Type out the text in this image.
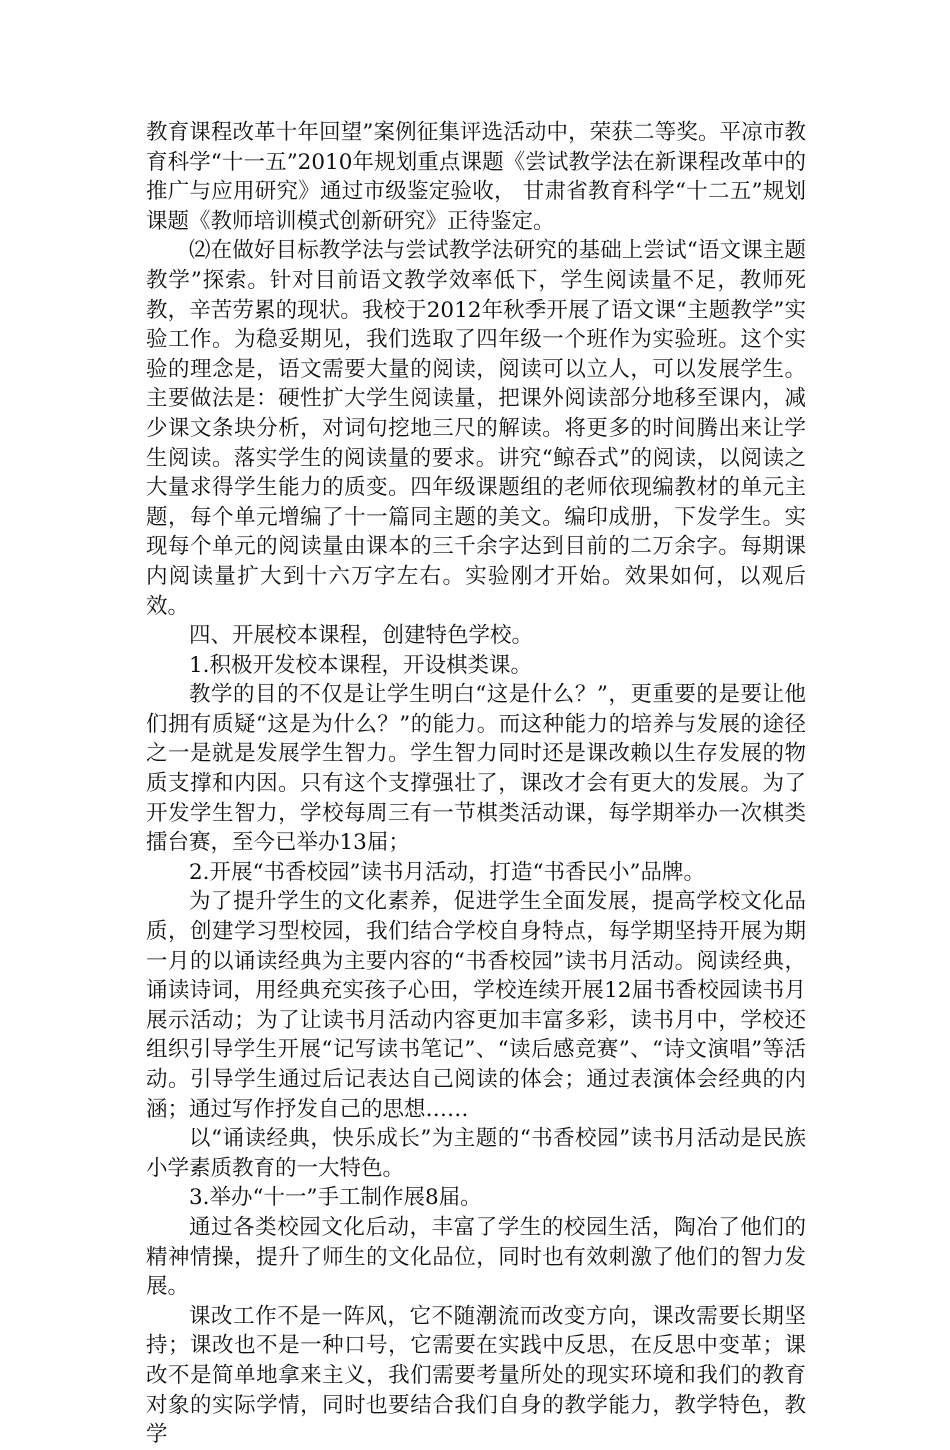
教育课程改革十年回望”案例征集评选活动中，荣获二等奖。平凉市教育科学“十一五”2010年规划重点课题《尝试教学法在新课程改革中的推广与应用研究》通过市级鉴定验收， 甘肃省教育科学“十二五”规划课题《教师培训模式创新研究》正待鉴定。

⑵在做好目标教学法与尝试教学法研究的基础上尝试“语文课主题教学”探索。针对目前语文教学效率低下，学生阅读量不足，教师死教，辛苦劳累的现状。我校于2012年秋季开展了语文课“主题教学”实验工作。为稳妥期见，我们选取了四年级一个班作为实验班。这个实验的理念是，语文需要大量的阅读，阅读可以立人，可以发展学生。主要做法是：硬性扩大学生阅读量，把课外阅读部分地移至课内，减少课文条块分析，对词句挖地三尺的解读。将更多的时间腾出来让学生阅读。落实学生的阅读量的要求。讲究“鲸吞式”的阅读，以阅读之大量求得学生能力的质变。四年级课题组的老师依现编教材的单元主题，每个单元增编了十一篇同主题的美文。编印成册，下发学生。实现每个单元的阅读量由课本的三千余字达到目前的二万余字。每期课内阅读量扩大到十六万字左右。实验刚才开始。效果如何，以观后效。

四、开展校本课程，创建特色学校。

1.积极开发校本课程，开设棋类课。

教学的目的不仅是让学生明白“这是什么？”，更重要的是要让他们拥有质疑“这是为什么？”的能力。而这种能力的培养与发展的途径之一是就是发展学生智力。学生智力同时还是课改赖以生存发展的物质支撑和内因。只有这个支撑强壮了，课改才会有更大的发展。为了开发学生智力，学校每周三有一节棋类活动课，每学期举办一次棋类擂台赛，至今已举办13届；

2.开展“书香校园”读书月活动，打造“书香民小”品牌。

为了提升学生的文化素养，促进学生全面发展，提高学校文化品质，创建学习型校园，我们结合学校自身特点，每学期坚持开展为期一月的以诵读经典为主要内容的“书香校园”读书月活动。阅读经典，诵读诗词，用经典充实孩子心田，学校连续开展12届书香校园读书月展示活动；为了让读书月活动内容更加丰富多彩，读书月中，学校还组织引导学生开展“记写读书笔记”、“读后感竞赛”、“诗文演唱”等活动。引导学生通过后记表达自己阅读的体会；通过表演体会经典的内涵；通过写作抒发自己的思想……

以“诵读经典，快乐成长”为主题的“书香校园”读书月活动是民族小学素质教育的一大特色。

3.举办“十一”手工制作展8届。

通过各类校园文化后动，丰富了学生的校园生活，陶冶了他们的精神情操，提升了师生的文化品位，同时也有效刺激了他们的智力发展。

课改工作不是一阵风，它不随潮流而改变方向，课改需要长期坚持；课改也不是一种口号，它需要在实践中反思，在反思中变革；课改不是简单地拿来主义，我们需要考量所处的现实环境和我们的教育对象的实际学情，同时也要结合我们自身的教学能力，教学特色，教学
